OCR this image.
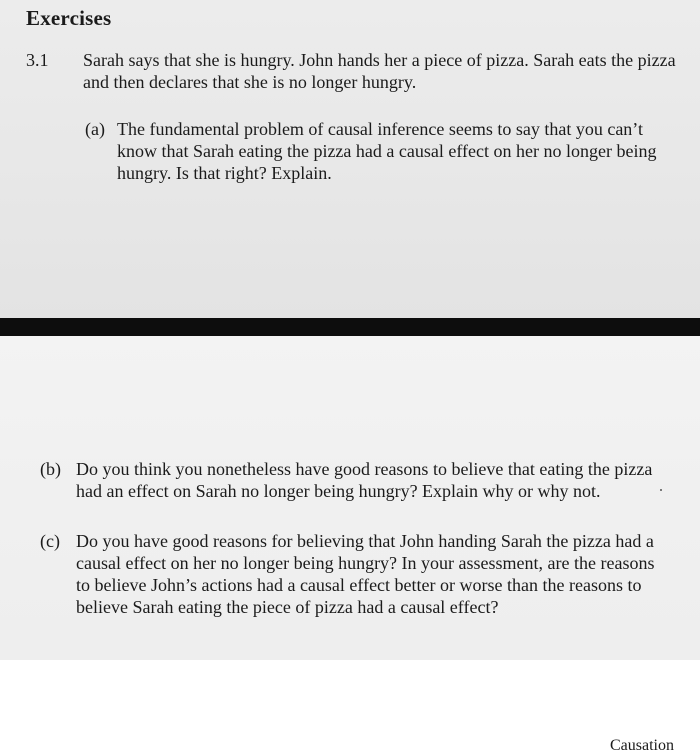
Exercises
3.1 Sarah says that she is hungry. John hands her a piece of pizza. Sarah eats the pizza and then declares that she is no longer hungry.
(a) The fundamental problem of causal inference seems to say that you can’t know that Sarah eating the pizza had a causal effect on her no longer being hungry. Is that right? Explain.
Causation
(b) Do you think you nonetheless have good reasons to believe that eating the pizza had an effect on Sarah no longer being hungry? Explain why or why not.
(c) Do you have good reasons for believing that John handing Sarah the pizza had a causal effect on her no longer being hungry? In your assessment, are the reasons to believe John’s actions had a causal effect better or worse than the reasons to believe Sarah eating the piece of pizza had a causal effect?
